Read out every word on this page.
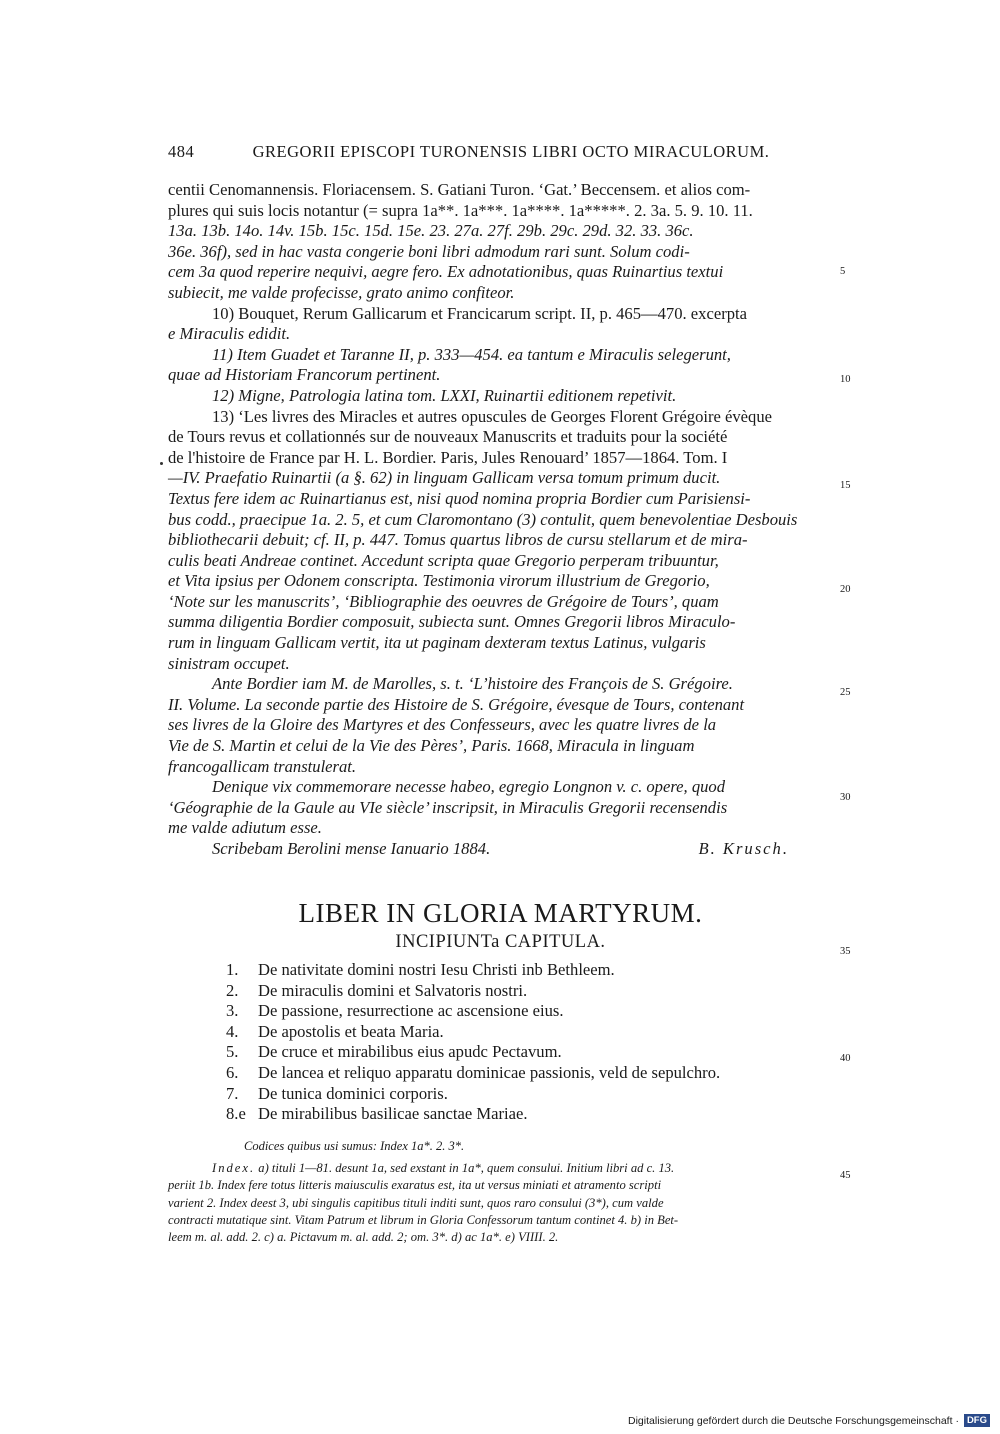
484	GREGORII EPISCOPI TURONENSIS LIBRI OCTO MIRACULORUM.

centii Cenomannensis. Floriacensem. S. Gatiani Turon. ‘Gat.’ Beccensem. et alios com-

plures qui suis locis notantur (= supra 1a**. 1a***. 1a****. 1a*****. 2. 3a. 5. 9. 10. 11.

13a. 13b. 14o. 14v. 15b. 15c. 15d. 15e. 23. 27a. 27f. 29b. 29c. 29d. 32. 33. 36c.

36e. 36f), sed in hac vasta congerie boni libri admodum rari sunt. Solum codi-

cem 3a quod reperire nequivi, aegre fero. Ex adnotationibus, quas Ruinartius textui

subiecit, me valde profecisse, grato animo confiteor.

10) Bouquet, Rerum Gallicarum et Francicarum script. II, p. 465—470. excerpta

e Miraculis edidit.

11) Item Guadet et Taranne II, p. 333—454. ea tantum e Miraculis selegerunt,

quae ad Historiam Francorum pertinent.

12) Migne, Patrologia latina tom. LXXI, Ruinartii editionem repetivit.

13) ‘Les livres des Miracles et autres opuscules de Georges Florent Grégoire évèque

de Tours revus et collationnés sur de nouveaux Manuscrits et traduits pour la société

de l'histoire de France par H. L. Bordier. Paris, Jules Renouard’ 1857—1864. Tom. I

—IV. Praefatio Ruinartii (a §. 62) in linguam Gallicam versa tomum primum ducit.

Textus fere idem ac Ruinartianus est, nisi quod nomina propria Bordier cum Parisiensi-

bus codd., praecipue 1a. 2. 5, et cum Claromontano (3) contulit, quem benevolentiae Desbouis

bibliothecarii debuit; cf. II, p. 447. Tomus quartus libros de cursu stellarum et de mira-

culis beati Andreae continet. Accedunt scripta quae Gregorio perperam tribuuntur,

et Vita ipsius per Odonem conscripta. Testimonia virorum illustrium de Gregorio,

‘Note sur les manuscrits’, ‘Bibliographie des oeuvres de Grégoire de Tours’, quam

summa diligentia Bordier composuit, subiecta sunt. Omnes Gregorii libros Miraculo-

rum in linguam Gallicam vertit, ita ut paginam dexteram textus Latinus, vulgaris

sinistram occupet.

Ante Bordier iam M. de Marolles, s. t. ‘L’histoire des François de S. Grégoire.

II. Volume. La seconde partie des Histoire de S. Grégoire, évesque de Tours, contenant

ses livres de la Gloire des Martyres et des Confesseurs, avec les quatre livres de la

Vie de S. Martin et celui de la Vie des Pères’, Paris. 1668, Miracula in linguam

francogallicam transtulerat.

Denique vix commemorare necesse habeo, egregio Longnon v. c. opere, quod

‘Géographie de la Gaule au VIe siècle’ inscripsit, in Miraculis Gregorii recensendis

me valde adiutum esse.

Scribebam Berolini mense Ianuario 1884.	B. Krusch.

5
10
15
20
25
30
35
40
45
LIBER IN GLORIA MARTYRUM.
INCIPIUNTa CAPITULA.
1.	De nativitate domini nostri Iesu Christi inb Bethleem.
2.	De miraculis domini et Salvatoris nostri.
3.	De passione, resurrectione ac ascensione eius.
4.	De apostolis et beata Maria.
5.	De cruce et mirabilibus eius apudc Pectavum.
6.	De lancea et reliquo apparatu dominicae passionis, veld de sepulchro.
7.	De tunica dominici corporis.
8.e De mirabilibus basilicae sanctae Mariae.
Codices quibus usi sumus: Index 1a*. 2. 3*.

Index. a) tituli 1—81. desunt 1a, sed exstant in 1a*, quem consului. Initium libri ad c. 13.

periit 1b. Index fere totus litteris maiusculis exaratus est, ita ut versus miniati et atramento scripti

varient 2. Index deest 3, ubi singulis capitibus tituli inditi sunt, quos raro consului (3*), cum valde

contracti mutatique sint. Vitam Patrum et librum in Gloria Confessorum tantum continet 4. b) in Bet-

leem m. al. add. 2. c) a. Pictavum m. al. add. 2; om. 3*. d) ac 1a*. e) VIIII. 2.

Digitalisierung gefördert durch die Deutsche Forschungsgemeinschaft · DFG
